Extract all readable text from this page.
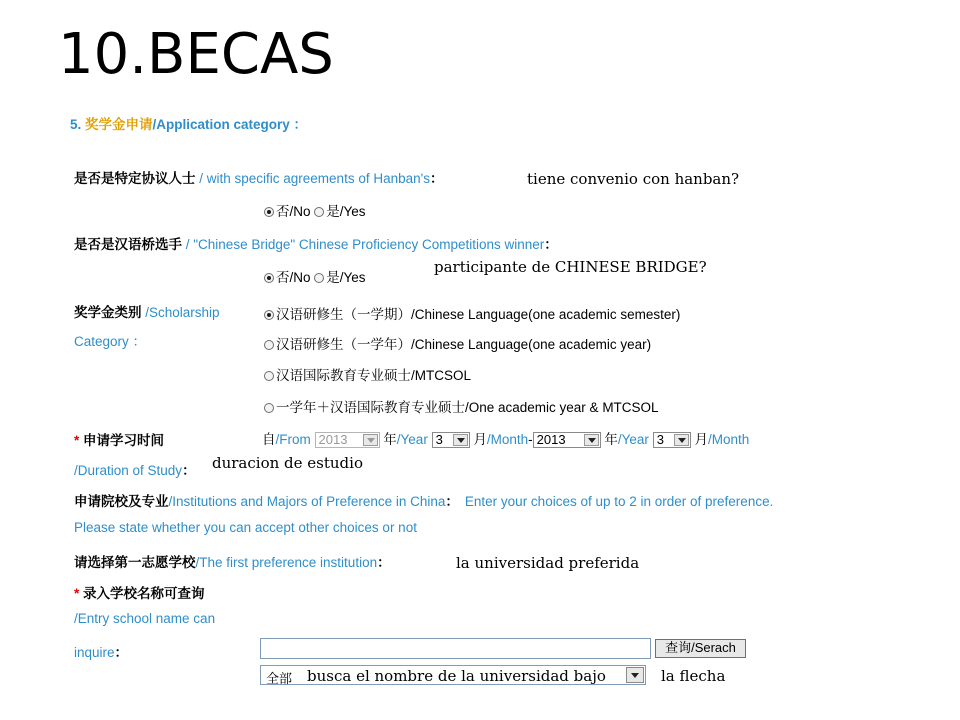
10.BECAS
5. 奖学金申请/Application category ：
是否是特定协议人士 / with specific agreements of Hanban's：	tiene convenio con hanban?
否/No 是/Yes
是否是汉语桥选手 / "Chinese Bridge" Chinese Proficiency Competitions winner：
否/No 是/Yes
participante de CHINESE BRIDGE?
奖学金类别 /Scholarship
Category ：
汉语研修生（一学期）/Chinese Language(one academic semester)
汉语研修生（一学年）/Chinese Language(one academic year)
汉语国际教育专业硕士/MTCSOL
一学年＋汉语国际教育专业硕士/One academic year & MTCSOL
* 申请学习时间
/Duration of Study： duracion de estudio
自/From 2013	年/Year 3 月/Month- 2013	年/Year 3 月/Month
申请院校及专业/Institutions and Majors of Preference in China： Enter your choices of up to 2 in order of preference.
Please state whether you can accept other choices or not
请选择第一志愿学校/The first preference institution：	la universidad preferida
* 录入学校名称可查询
/Entry school name can
inquire：	查询/Serach
全部 busca el nombre de la universidad bajo	la flecha
